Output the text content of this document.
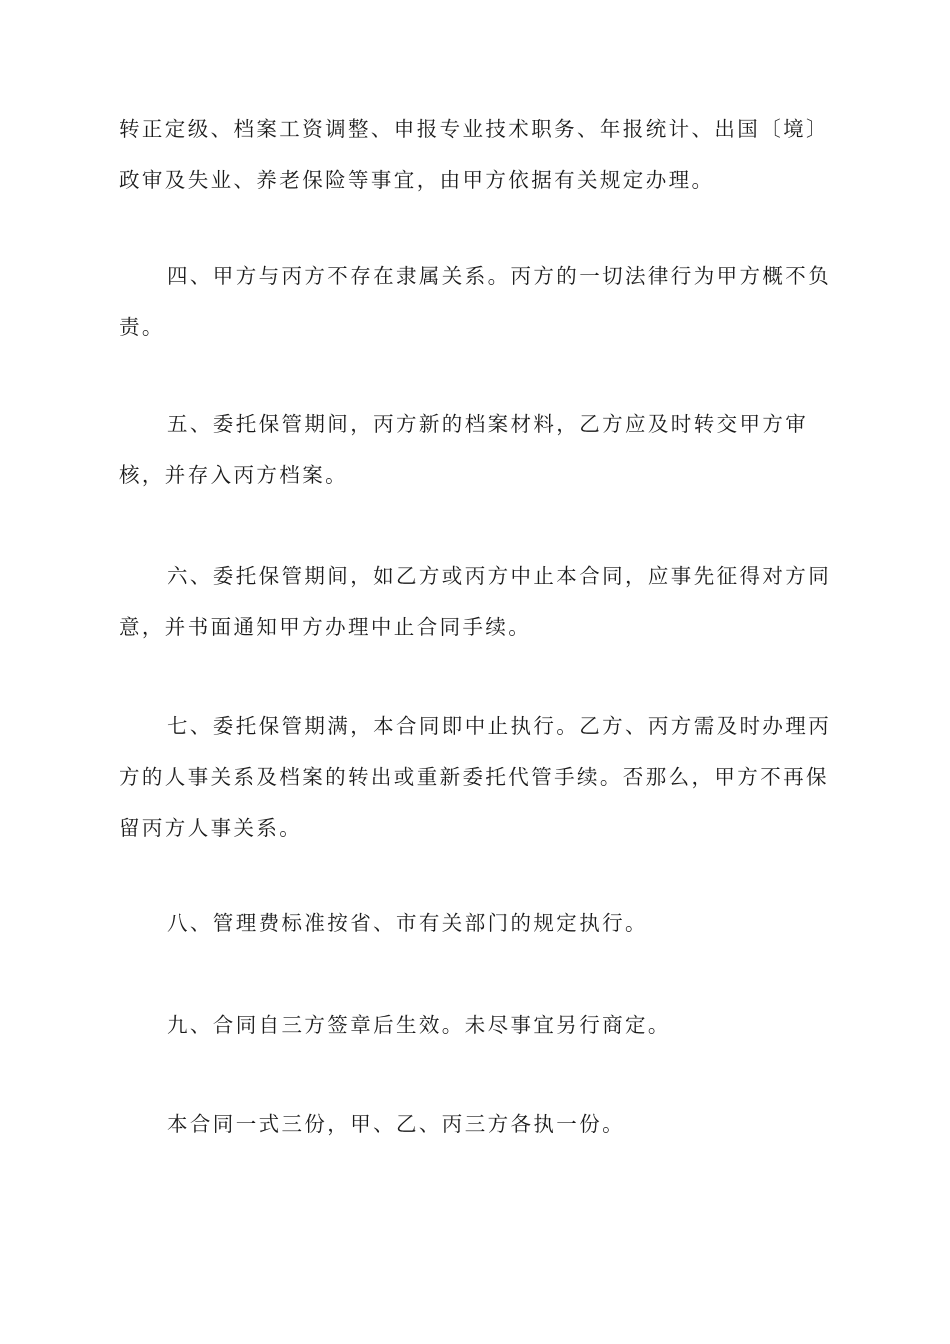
转正定级、档案工资调整、申报专业技术职务、年报统计、出国〔境〕政审及失业、养老保险等事宜，由甲方依据有关规定办理。

四、甲方与丙方不存在隶属关系。丙方的一切法律行为甲方概不负责。

五、委托保管期间，丙方新的档案材料，乙方应及时转交甲方审核，并存入丙方档案。

六、委托保管期间，如乙方或丙方中止本合同，应事先征得对方同意，并书面通知甲方办理中止合同手续。

七、委托保管期满，本合同即中止执行。乙方、丙方需及时办理丙方的人事关系及档案的转出或重新委托代管手续。否那么，甲方不再保留丙方人事关系。

八、管理费标准按省、市有关部门的规定执行。

九、合同自三方签章后生效。未尽事宜另行商定。

本合同一式三份，甲、乙、丙三方各执一份。
